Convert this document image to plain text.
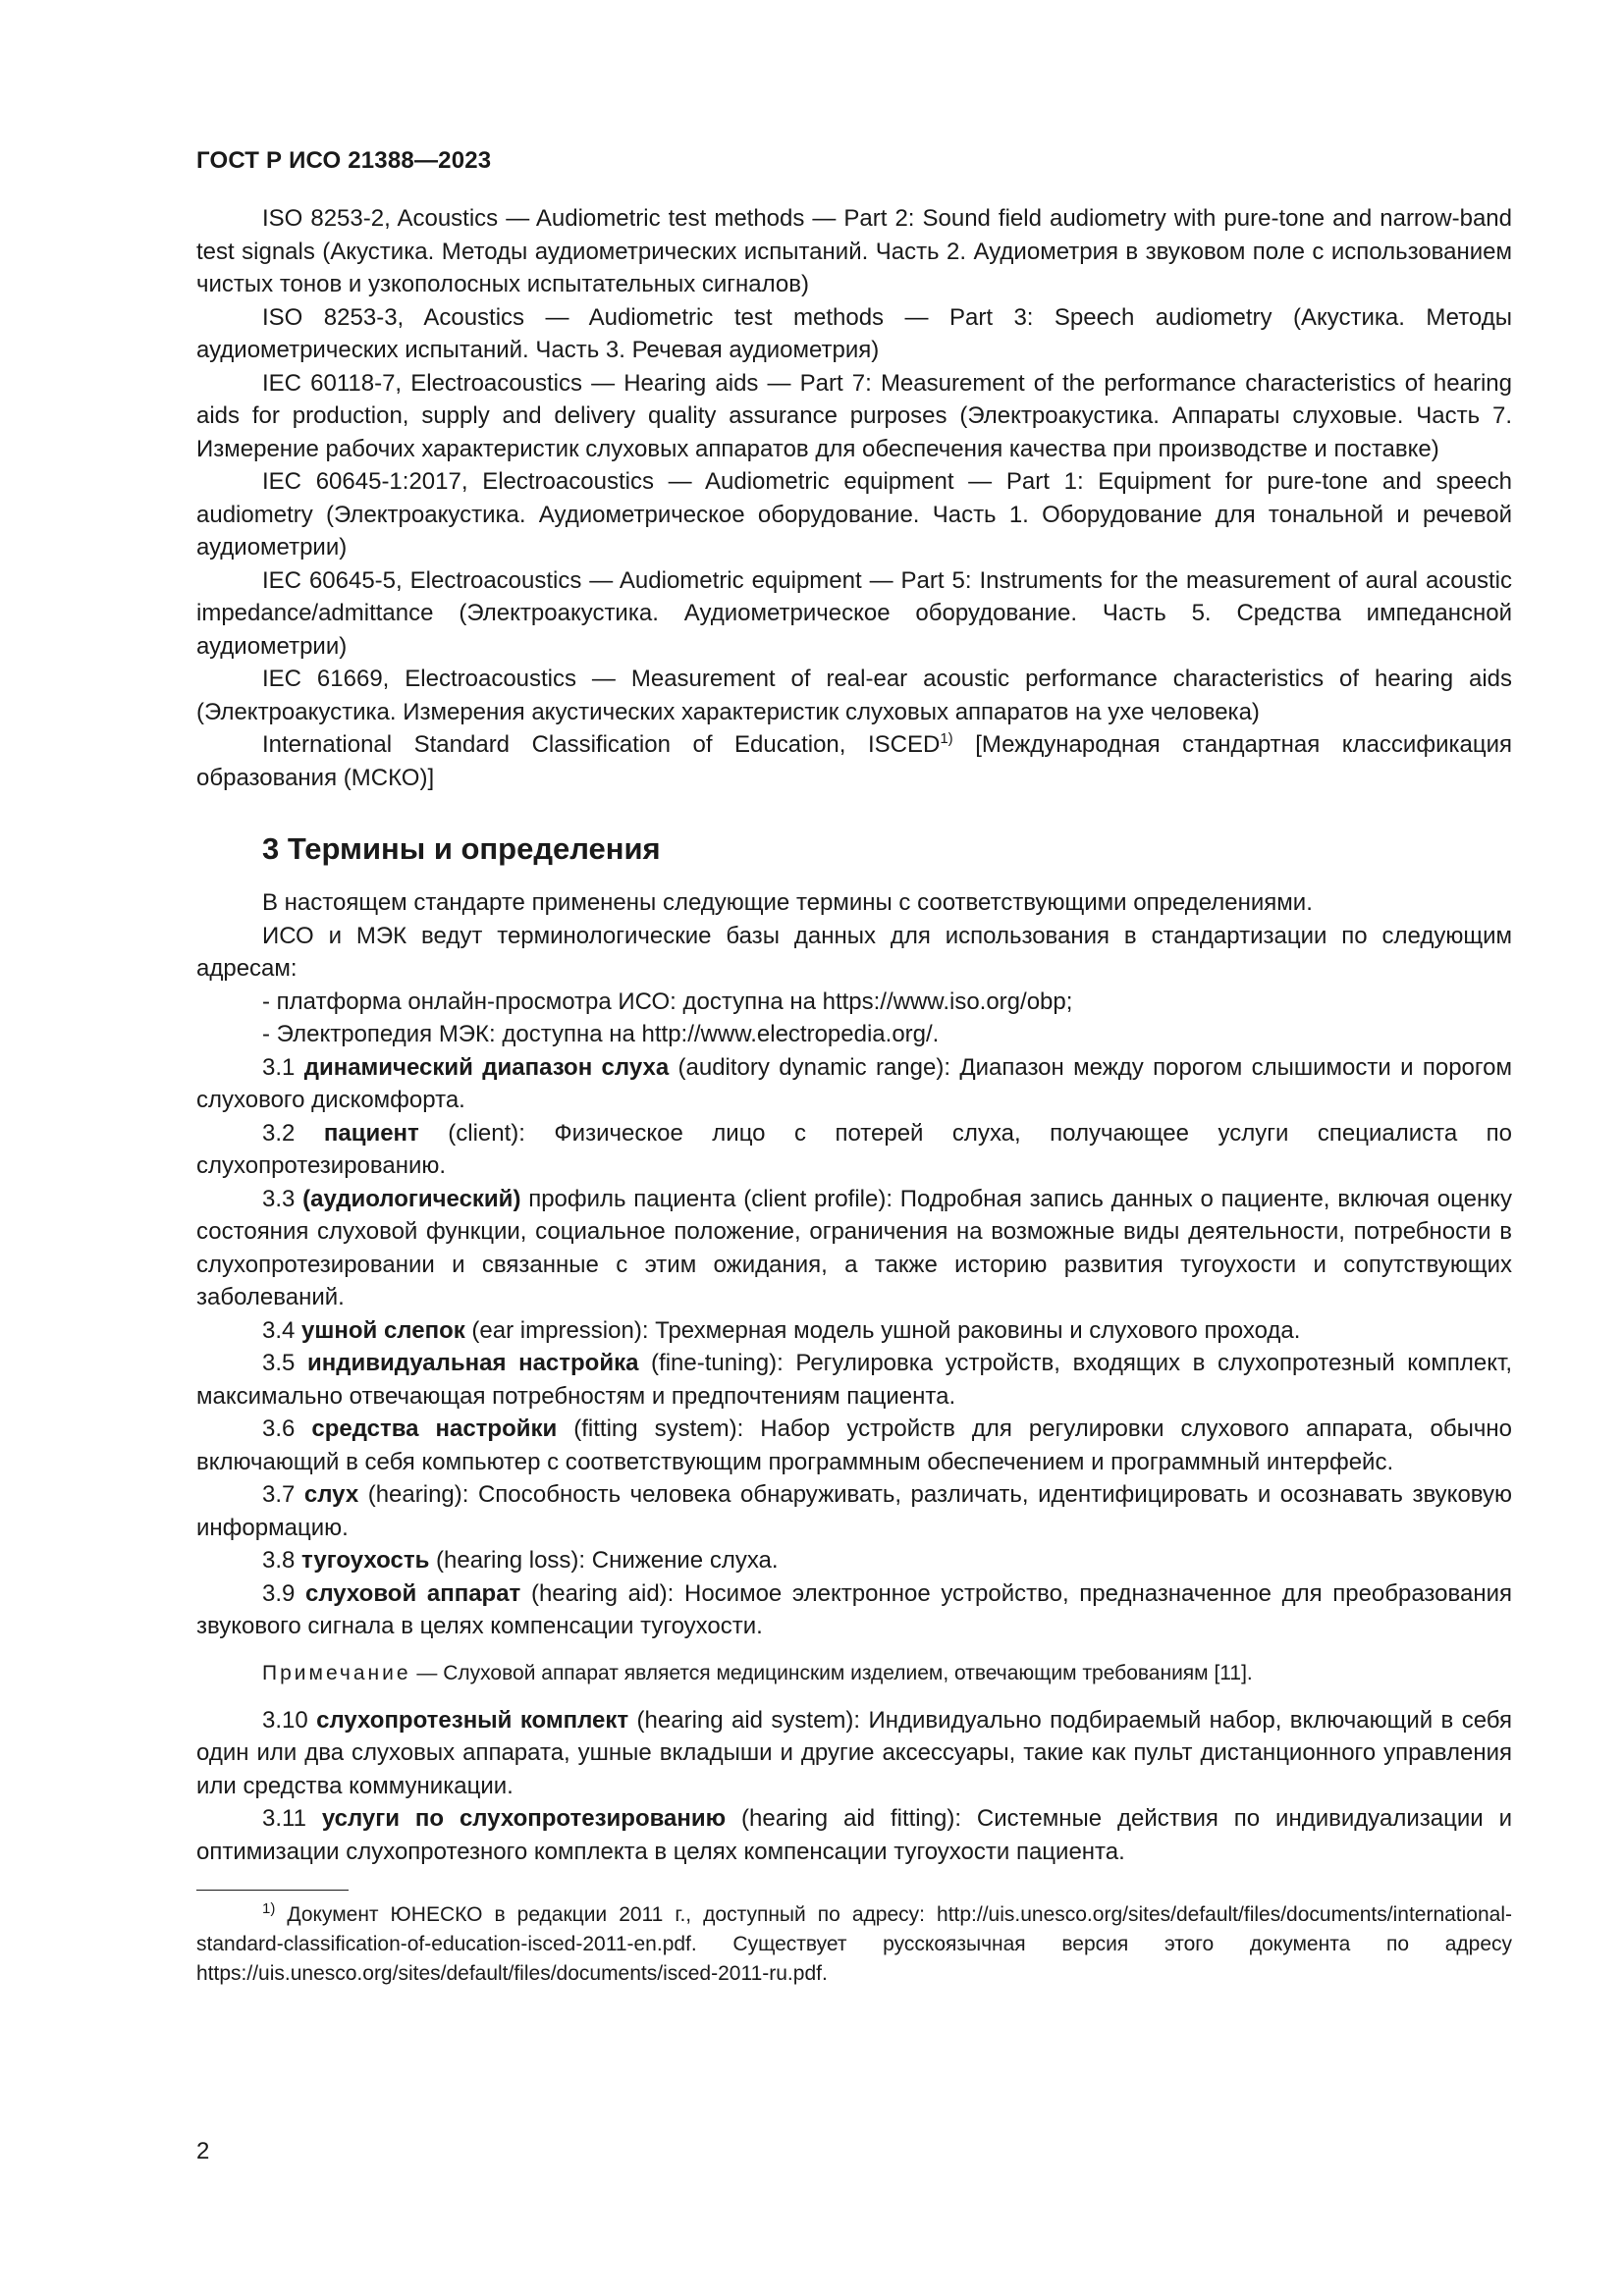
ГОСТ Р ИСО 21388—2023

ISO 8253-2, Acoustics — Audiometric test methods — Part 2: Sound field audiometry with pure-tone and narrow-band test signals (Акустика. Методы аудиометрических испытаний. Часть 2. Аудиометрия в звуковом поле с использованием чистых тонов и узкополосных испытательных сигналов)

ISO 8253-3, Acoustics — Audiometric test methods — Part 3: Speech audiometry (Акустика. Методы аудиометрических испытаний. Часть 3. Речевая аудиометрия)

IEC 60118-7, Electroacoustics — Hearing aids — Part 7: Measurement of the performance characteristics of hearing aids for production, supply and delivery quality assurance purposes (Электроакустика. Аппараты слуховые. Часть 7. Измерение рабочих характеристик слуховых аппаратов для обеспечения качества при производстве и поставке)

IEC 60645-1:2017, Electroacoustics — Audiometric equipment — Part 1: Equipment for pure-tone and speech audiometry (Электроакустика. Аудиометрическое оборудование. Часть 1. Оборудование для тональной и речевой аудиометрии)

IEC 60645-5, Electroacoustics — Audiometric equipment — Part 5: Instruments for the measurement of aural acoustic impedance/admittance (Электроакустика. Аудиометрическое оборудование. Часть 5. Средства импедансной аудиометрии)

IEC 61669, Electroacoustics — Measurement of real-ear acoustic performance characteristics of hearing aids (Электроакустика. Измерения акустических характеристик слуховых аппаратов на ухе человека)

International Standard Classification of Education, ISCED$^{1)}$ [Международная стандартная классификация образования (МСКО)]

3 Термины и определения

В настоящем стандарте применены следующие термины с соответствующими определениями.

ИСО и МЭК ведут терминологические базы данных для использования в стандартизации по следующим адресам:

- платформа онлайн-просмотра ИСО: доступна на https://www.iso.org/obp;

- Электропедия МЭК: доступна на http://www.electropedia.org/.

3.1 динамический диапазон слуха (auditory dynamic range): Диапазон между порогом слышимости и порогом слухового дискомфорта.

3.2 пациент (client): Физическое лицо с потерей слуха, получающее услуги специалиста по слухопротезированию.

3.3 (аудиологический) профиль пациента (client profile): Подробная запись данных о пациенте, включая оценку состояния слуховой функции, социальное положение, ограничения на возможные виды деятельности, потребности в слухопротезировании и связанные с этим ожидания, а также историю развития тугоухости и сопутствующих заболеваний.

3.4 ушной слепок (ear impression): Трехмерная модель ушной раковины и слухового прохода.

3.5 индивидуальная настройка (fine-tuning): Регулировка устройств, входящих в слухопротезный комплект, максимально отвечающая потребностям и предпочтениям пациента.

3.6 средства настройки (fitting system): Набор устройств для регулировки слухового аппарата, обычно включающий в себя компьютер с соответствующим программным обеспечением и программный интерфейс.

3.7 слух (hearing): Способность человека обнаруживать, различать, идентифицировать и осознавать звуковую информацию.

3.8 тугоухость (hearing loss): Снижение слуха.

3.9 слуховой аппарат (hearing aid): Носимое электронное устройство, предназначенное для преобразования звукового сигнала в целях компенсации тугоухости.

Примечание — Слуховой аппарат является медицинским изделием, отвечающим требованиям [11].

3.10 слухопротезный комплект (hearing aid system): Индивидуально подбираемый набор, включающий в себя один или два слуховых аппарата, ушные вкладыши и другие аксессуары, такие как пульт дистанционного управления или средства коммуникации.

3.11 услуги по слухопротезированию (hearing aid fitting): Системные действия по индивидуализации и оптимизации слухопротезного комплекта в целях компенсации тугоухости пациента.

$^{1)}$ Документ ЮНЕСКО в редакции 2011 г., доступный по адресу: http://uis.unesco.org/sites/default/files/documents/international-standard-classification-of-education-isced-2011-en.pdf. Существует русскоязычная версия этого документа по адресу https://uis.unesco.org/sites/default/files/documents/isced-2011-ru.pdf.

2
